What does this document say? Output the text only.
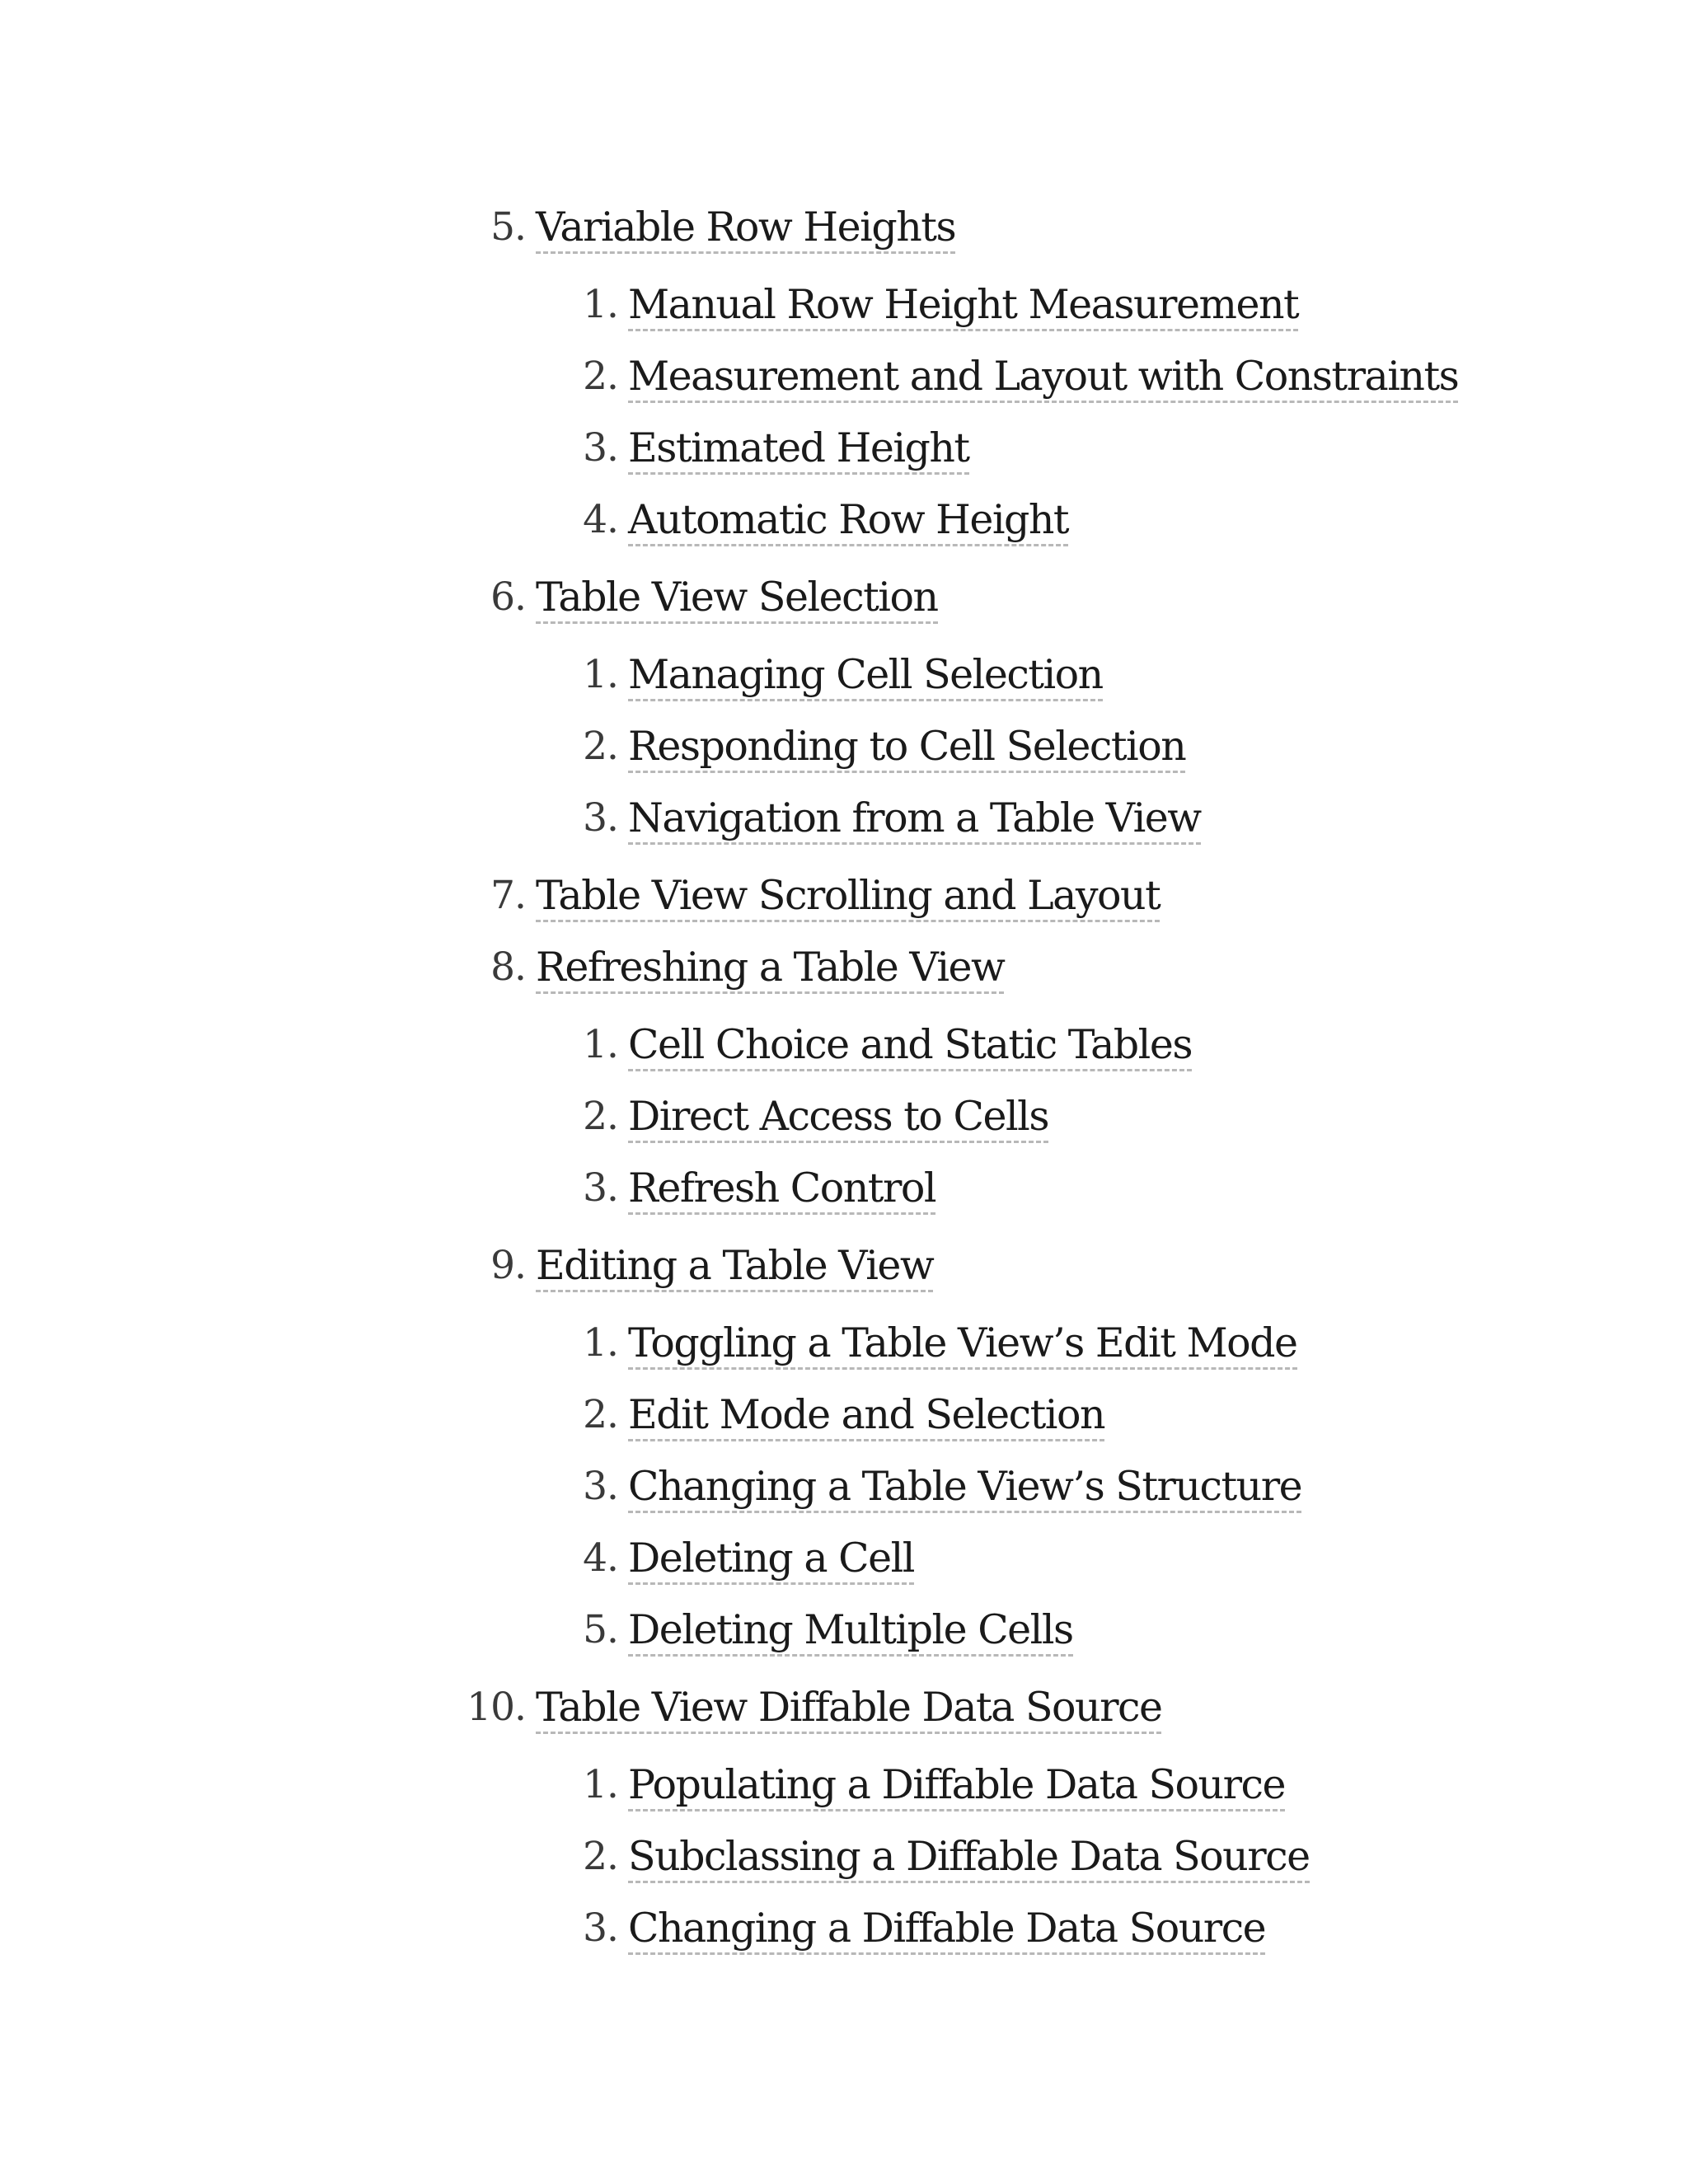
5. Variable Row Heights
1. Manual Row Height Measurement
2. Measurement and Layout with Constraints
3. Estimated Height
4. Automatic Row Height
6. Table View Selection
1. Managing Cell Selection
2. Responding to Cell Selection
3. Navigation from a Table View
7. Table View Scrolling and Layout
8. Refreshing a Table View
1. Cell Choice and Static Tables
2. Direct Access to Cells
3. Refresh Control
9. Editing a Table View
1. Toggling a Table View’s Edit Mode
2. Edit Mode and Selection
3. Changing a Table View’s Structure
4. Deleting a Cell
5. Deleting Multiple Cells
10. Table View Diffable Data Source
1. Populating a Diffable Data Source
2. Subclassing a Diffable Data Source
3. Changing a Diffable Data Source
